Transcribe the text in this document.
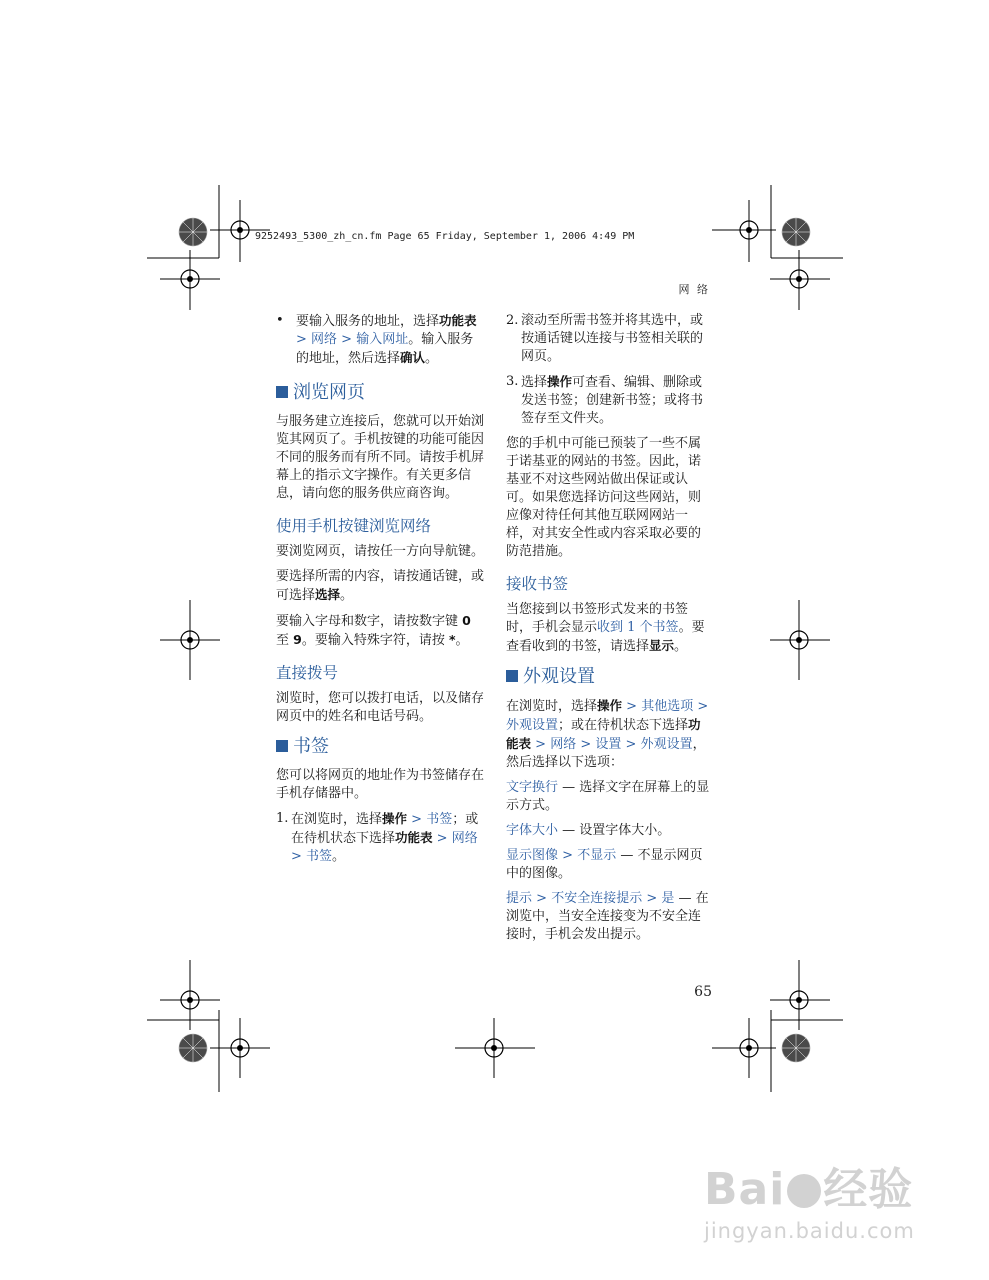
9252493_5300_zh_cn.fm Page 65 Friday, September 1, 2006 4:49 PM
网 络
• 要输入服务的地址，选择功能表 > 网络 > 输入网址。输入服务的地址，然后选择确认。
浏览网页

与服务建立连接后，您就可以开始浏览其网页了。手机按键的功能可能因不同的服务而有所不同。请按手机屏幕上的指示文字操作。有关更多信息，请向您的服务供应商咨询。

使用手机按键浏览网络

要浏览网页，请按任一方向导航键。

要选择所需的内容，请按通话键，或可选择选择。

要输入字母和数字，请按数字键 0 至 9。要输入特殊字符，请按 *。

直接拨号

浏览时，您可以拨打电话，以及储存网页中的姓名和电话号码。

书签

您可以将网页的地址作为书签储存在手机存储器中。

1. 在浏览时，选择操作 > 书签；或在待机状态下选择功能表 > 网络 > 书签。
2. 滚动至所需书签并将其选中，或按通话键以连接与书签相关联的网页。
3. 选择操作可查看、编辑、删除或发送书签；创建新书签；或将书签存至文件夹。

您的手机中可能已预装了一些不属于诺基亚的网站的书签。因此，诺基亚不对这些网站做出保证或认可。如果您选择访问这些网站，则应像对待任何其他互联网网站一样，对其安全性或内容采取必要的防范措施。

接收书签

当您接到以书签形式发来的书签时，手机会显示收到 1 个书签。要查看收到的书签，请选择显示。

外观设置

在浏览时，选择操作 > 其他选项 > 外观设置；或在待机状态下选择功能表 > 网络 > 设置 > 外观设置，然后选择以下选项：

文字换行 — 选择文字在屏幕上的显示方式。

字体大小 — 设置字体大小。

显示图像 > 不显示 — 不显示网页中的图像。

提示 > 不安全连接提示 > 是 — 在浏览中，当安全连接变为不安全连接时，手机会发出提示。

65
Bai 经验
jingyan.baidu.com
